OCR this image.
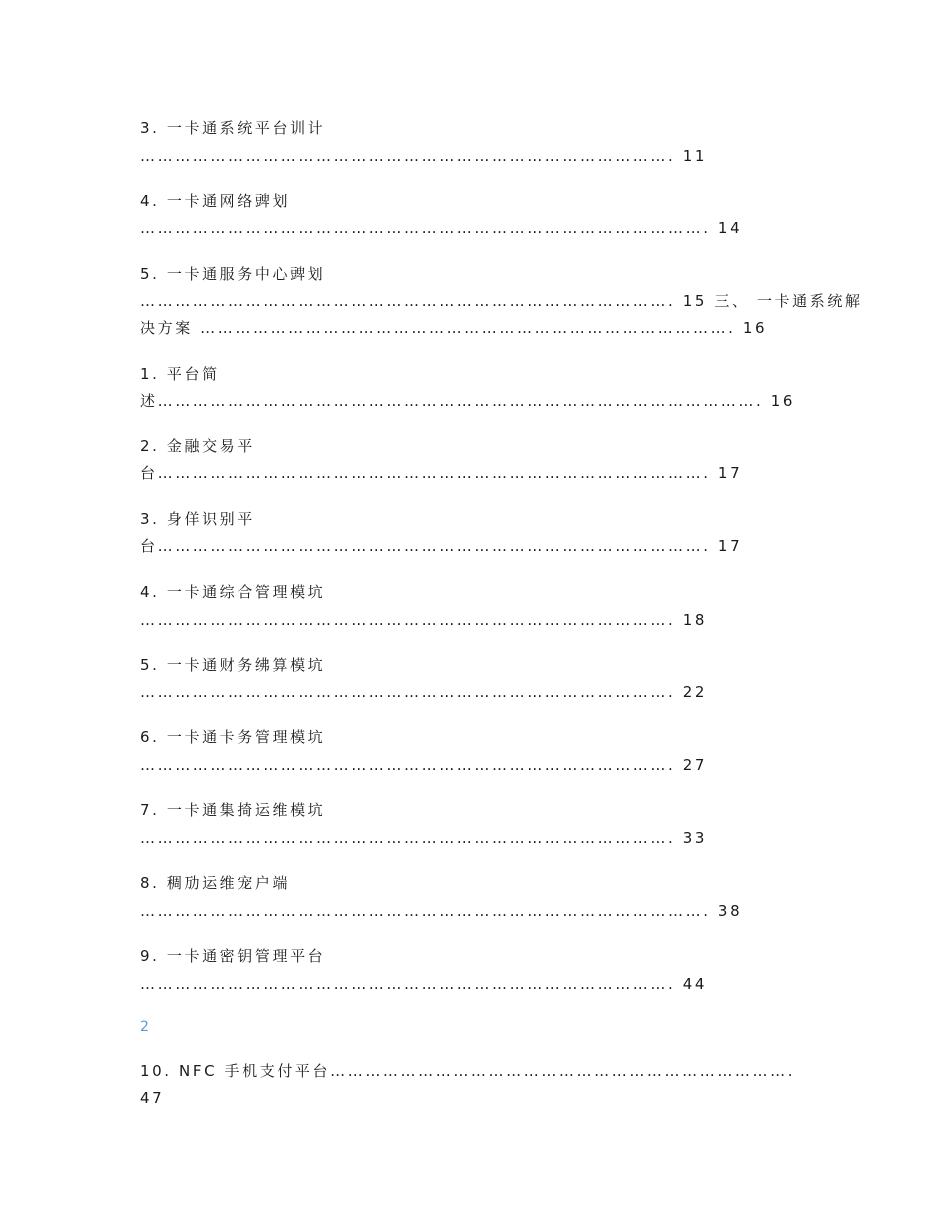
3. 一卡通系统平台训计
………………………………………………………………………………. 11
4. 一卡通网络豍划
……………………………………………………………………………………. 14
5. 一卡通服务中心豍划
………………………………………………………………………………. 15 三、 一卡通系统解
决方案 ………………………………………………………………………………. 16
1. 平台简
述…………………………………………………………………………………………. 16
2. 金融交易平
台…………………………………………………………………………………. 17
3. 身佯识别平
台…………………………………………………………………………………. 17
4. 一卡通综合管理模坑
………………………………………………………………………………. 18
5. 一卡通财务绋算模坑
………………………………………………………………………………. 22
6. 一卡通卡务管理模坑
………………………………………………………………………………. 27
7. 一卡通集掎运维模坑
………………………………………………………………………………. 33
8. 稠劢运维宠户端
……………………………………………………………………………………. 38
9. 一卡通密钥管理平台
………………………………………………………………………………. 44
2
10. NFC 手机支付平台…………………………………………………………………….
47
